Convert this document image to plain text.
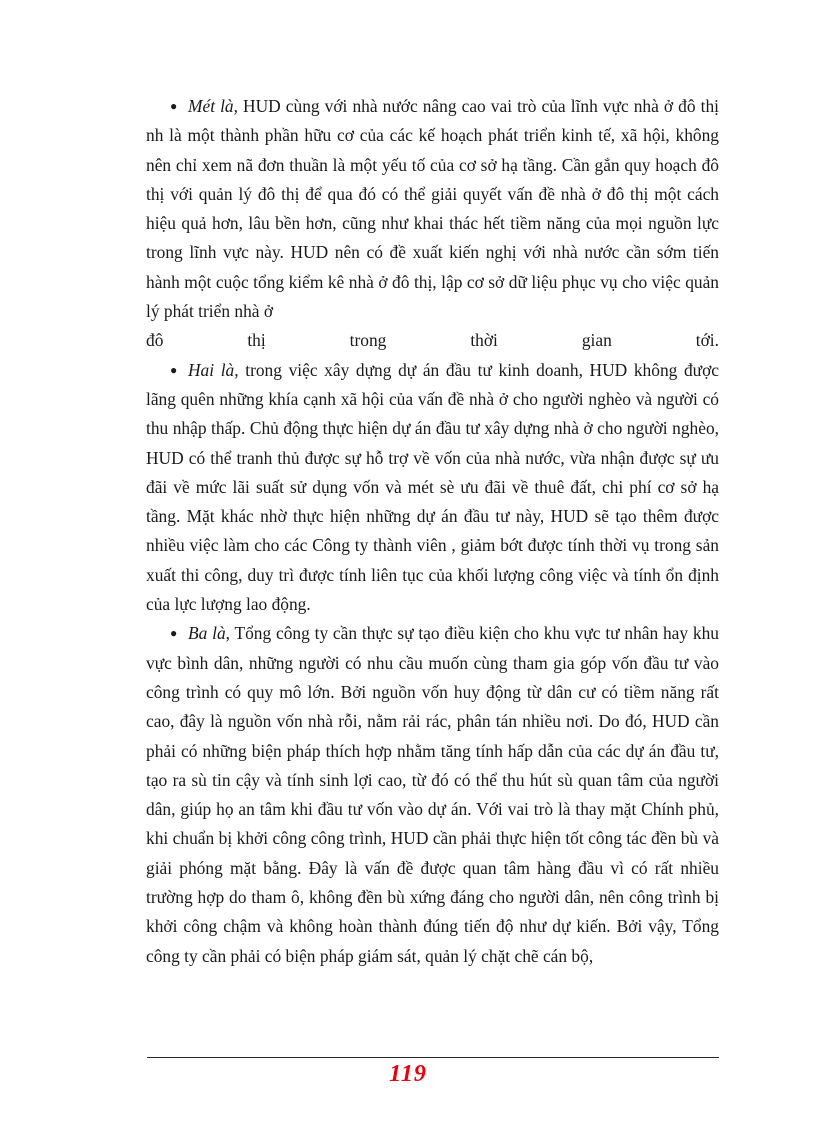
● Mét là, HUD cùng với nhà nước nâng cao vai trò của lĩnh vực nhà ở đô thị nh là một thành phần hữu cơ của các kế hoạch phát triển kinh tế, xã hội, không nên chỉ xem nã đơn thuần là một yếu tố của cơ sở hạ tầng. Cần gắn quy hoạch đô thị với quản lý đô thị để qua đó có thể giải quyết vấn đề nhà ở đô thị một cách hiệu quả hơn, lâu bền hơn, cũng như khai thác hết tiềm năng của mọi nguồn lực trong lĩnh vực này. HUD nên có đề xuất kiến nghị với nhà nước cần sớm tiến hành một cuộc tổng kiểm kê nhà ở đô thị, lập cơ sở dữ liệu phục vụ cho việc quản lý phát triển nhà ở

đô	thị	trong	thời	gian	tới.

● Hai là, trong việc xây dựng dự án đầu tư kinh doanh, HUD không được lãng quên những khía cạnh xã hội của vấn đề nhà ở cho người nghèo và người có thu nhập thấp. Chủ động thực hiện dự án đầu tư xây dựng nhà ở cho người nghèo, HUD có thể tranh thủ được sự hỗ trợ về vốn của nhà nước, vừa nhận được sự ưu đãi về mức lãi suất sử dụng vốn và mét sè ưu đãi về thuê đất, chi phí cơ sở hạ tầng. Mặt khác nhờ thực hiện những dự án đầu tư này, HUD sẽ tạo thêm được nhiều việc làm cho các Công ty thành viên , giảm bớt được tính thời vụ trong sản xuất thi công, duy trì được tính liên tục của khối lượng công việc và tính ổn định của lực lượng lao động.

● Ba là, Tổng công ty cần thực sự tạo điều kiện cho khu vực tư nhân hay khu vực bình dân, những người có nhu cầu muốn cùng tham gia góp vốn đầu tư vào công trình có quy mô lớn. Bởi nguồn vốn huy động từ dân cư có tiềm năng rất cao, đây là nguồn vốn nhà rỗi, nằm rải rác, phân tán nhiều nơi. Do đó, HUD cần phải có những biện pháp thích hợp nhằm tăng tính hấp dẫn của các dự án đầu tư, tạo ra sù tin cậy và tính sinh lợi cao, từ đó có thể thu hút sù quan tâm của người dân, giúp họ an tâm khi đầu tư vốn vào dự án. Với vai trò là thay mặt Chính phủ, khi chuẩn bị khởi công công trình, HUD cần phải thực hiện tốt công tác đền bù và giải phóng mặt bằng. Đây là vấn đề được quan tâm hàng đầu vì có rất nhiều trường hợp do tham ô, không đền bù xứng đáng cho người dân, nên công trình bị khởi công chậm và không hoàn thành đúng tiến độ như dự kiến. Bởi vậy, Tổng công ty cần phải có biện pháp giám sát, quản lý chặt chẽ cán bộ,

119
